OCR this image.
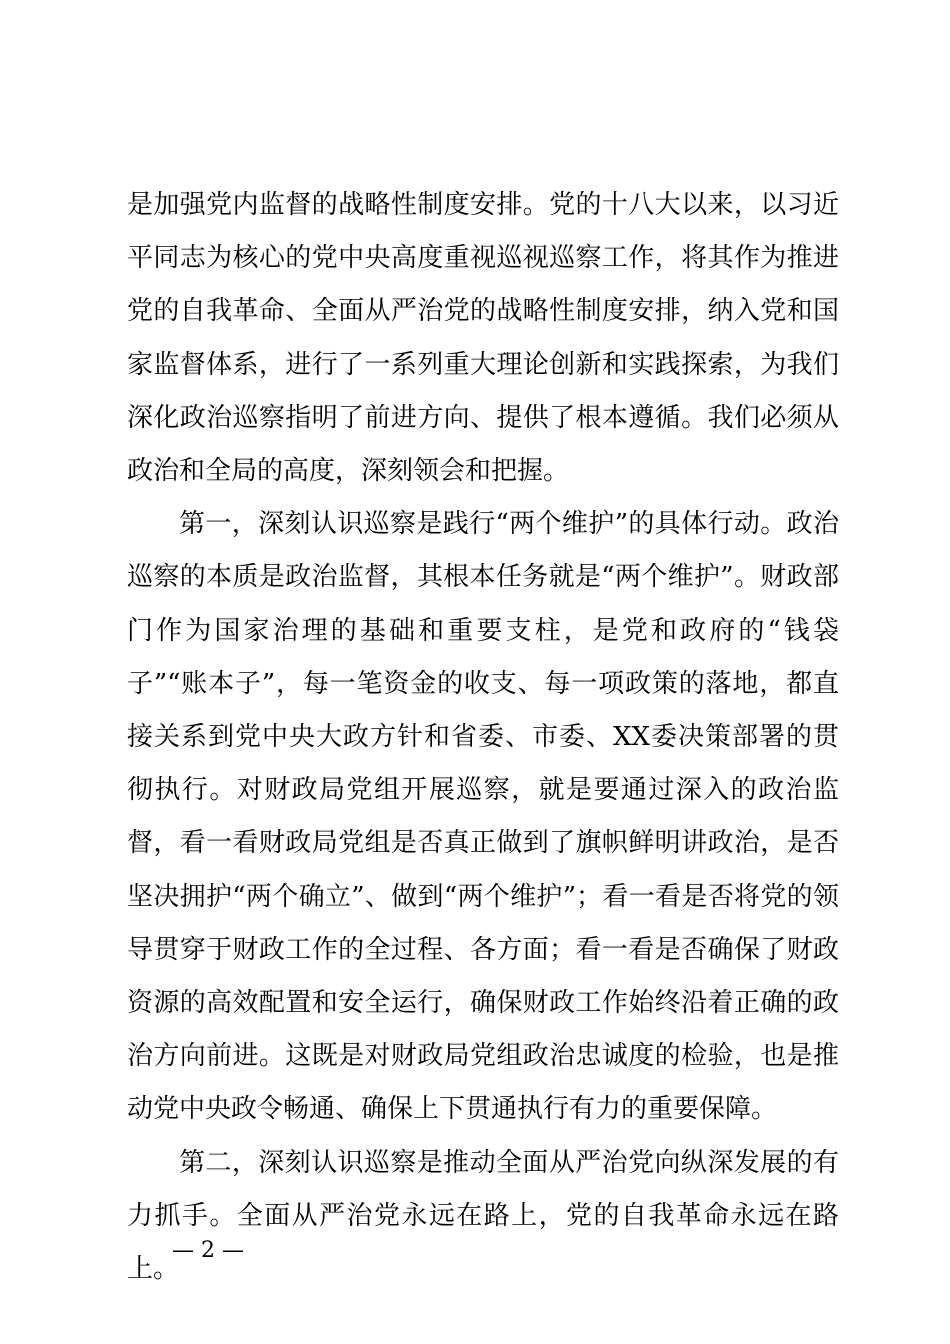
是加强党内监督的战略性制度安排。党的十八大以来，以习近平同志为核心的党中央高度重视巡视巡察工作，将其作为推进党的自我革命、全面从严治党的战略性制度安排，纳入党和国家监督体系，进行了一系列重大理论创新和实践探索，为我们深化政治巡察指明了前进方向、提供了根本遵循。我们必须从政治和全局的高度，深刻领会和把握。

第一，深刻认识巡察是践行“两个维护”的具体行动。政治巡察的本质是政治监督，其根本任务就是“两个维护”。财政部门作为国家治理的基础和重要支柱，是党和政府的“钱袋子”“账本子”，每一笔资金的收支、每一项政策的落地，都直接关系到党中央大政方针和省委、市委、XX委决策部署的贯彻执行。对财政局党组开展巡察，就是要通过深入的政治监督，看一看财政局党组是否真正做到了旗帜鲜明讲政治，是否坚决拥护“两个确立”、做到“两个维护”；看一看是否将党的领导贯穿于财政工作的全过程、各方面；看一看是否确保了财政资源的高效配置和安全运行，确保财政工作始终沿着正确的政治方向前进。这既是对财政局党组政治忠诚度的检验，也是推动党中央政令畅通、确保上下贯通执行有力的重要保障。

第二，深刻认识巡察是推动全面从严治党向纵深发展的有力抓手。全面从严治党永远在路上，党的自我革命永远在路上。

— 2 —
